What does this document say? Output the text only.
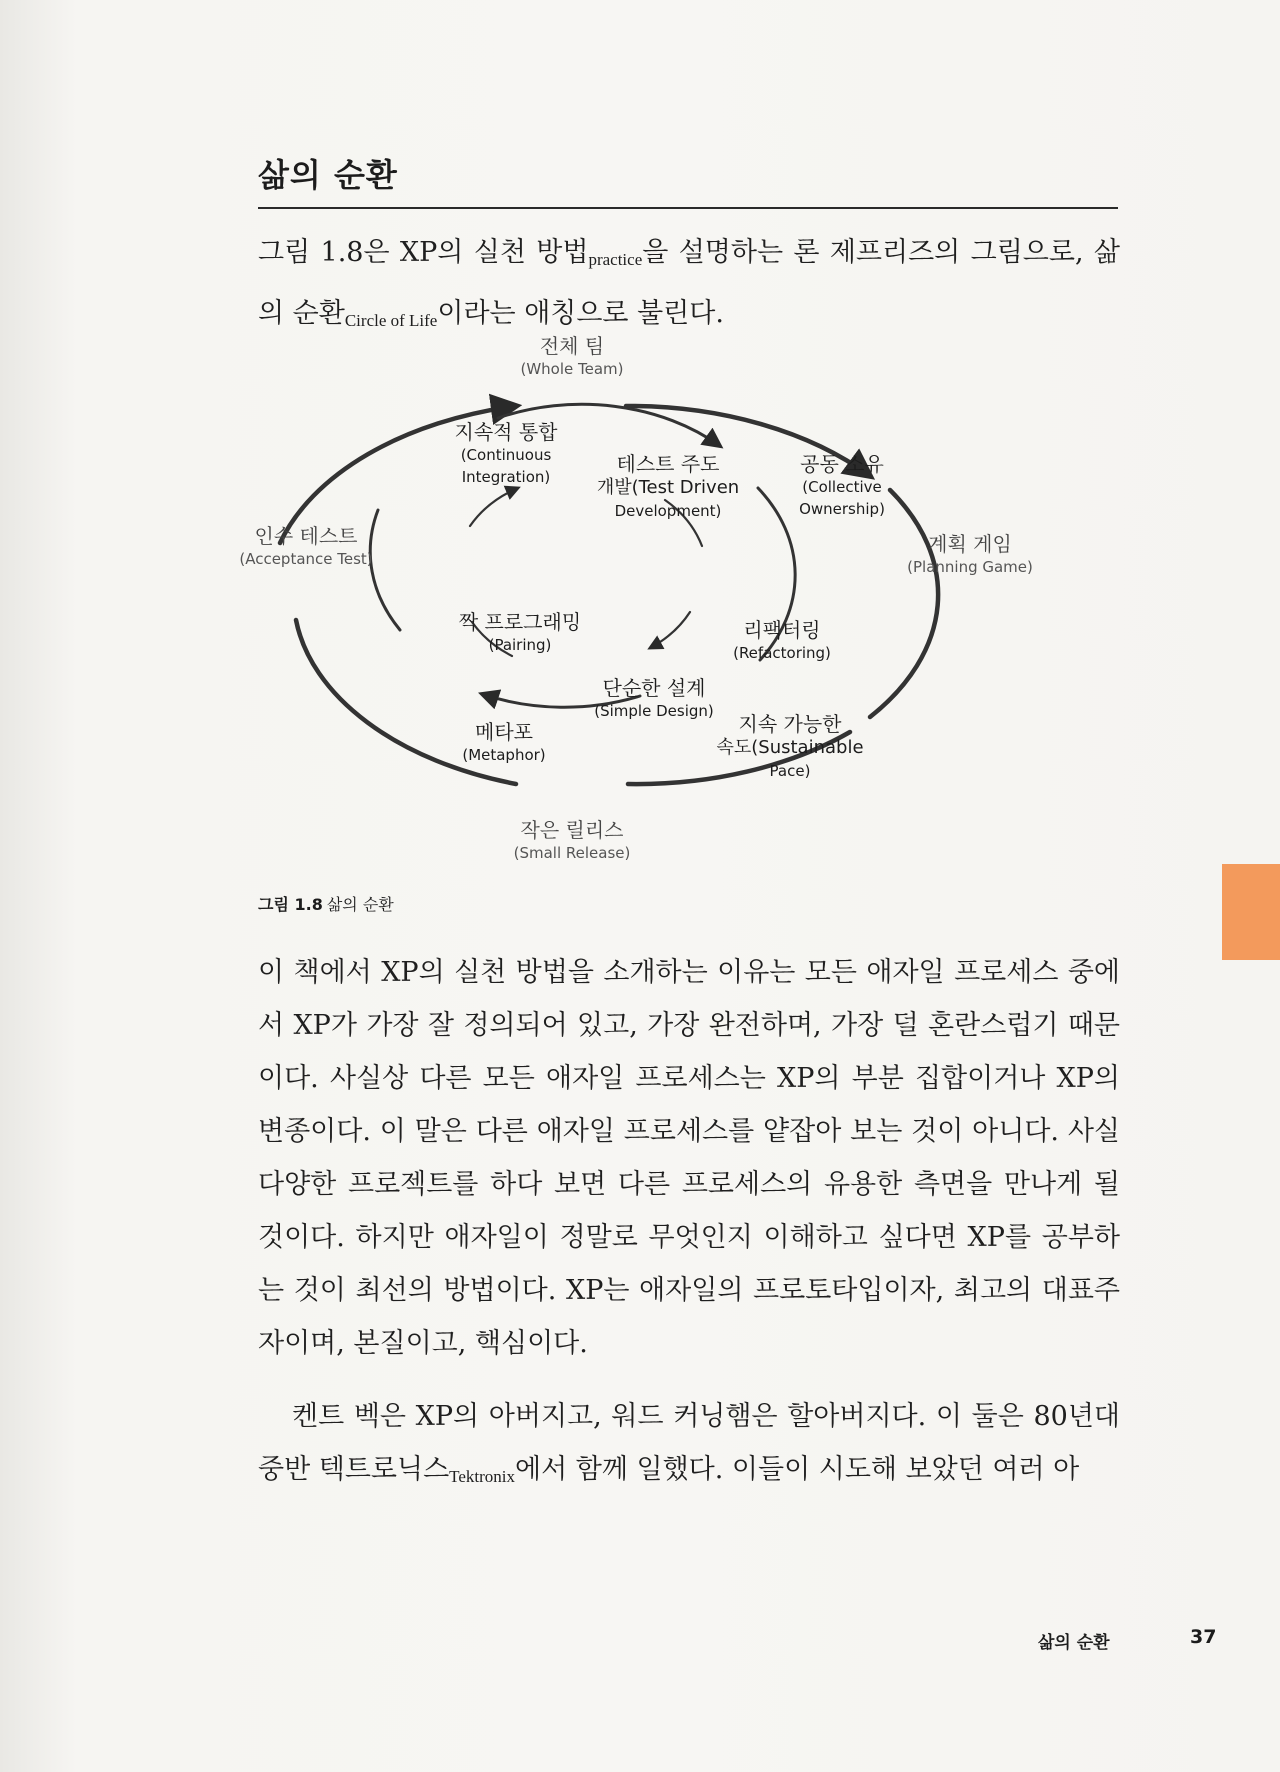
삶의 순환
그림 1.8은 XP의 실천 방법$_{practice}$을 설명하는 론 제프리즈의 그림으로, 삶의 순환$_{Circle of Life}$이라는 애칭으로 불린다.
전체 팀
(Whole Team)
인수 테스트
(Acceptance Test)
계획 게임
(Planning Game)
작은 릴리스
(Small Release)
지속적 통합
(Continuous
Integration)
공동 소유
(Collective
Ownership)
메타포
(Metaphor)
지속 가능한
속도(Sustainable
Pace)
테스트 주도
개발(Test Driven
Development)
짝 프로그래밍
(Pairing)
리팩터링
(Refactoring)
단순한 설계
(Simple Design)
그림 1.8 삶의 순환
이 책에서 XP의 실천 방법을 소개하는 이유는 모든 애자일 프로세스 중에서 XP가 가장 잘 정의되어 있고, 가장 완전하며, 가장 덜 혼란스럽기 때문이다. 사실상 다른 모든 애자일 프로세스는 XP의 부분 집합이거나 XP의 변종이다. 이 말은 다른 애자일 프로세스를 얕잡아 보는 것이 아니다. 사실 다양한 프로젝트를 하다 보면 다른 프로세스의 유용한 측면을 만나게 될 것이다. 하지만 애자일이 정말로 무엇인지 이해하고 싶다면 XP를 공부하는 것이 최선의 방법이다. XP는 애자일의 프로토타입이자, 최고의 대표주자이며, 본질이고, 핵심이다.
켄트 벡은 XP의 아버지고, 워드 커닝햄은 할아버지다. 이 둘은 80년대 중반 텍트로닉스$_{Tektronix}$에서 함께 일했다. 이들이 시도해 보았던 여러 아
삶의 순환	37
